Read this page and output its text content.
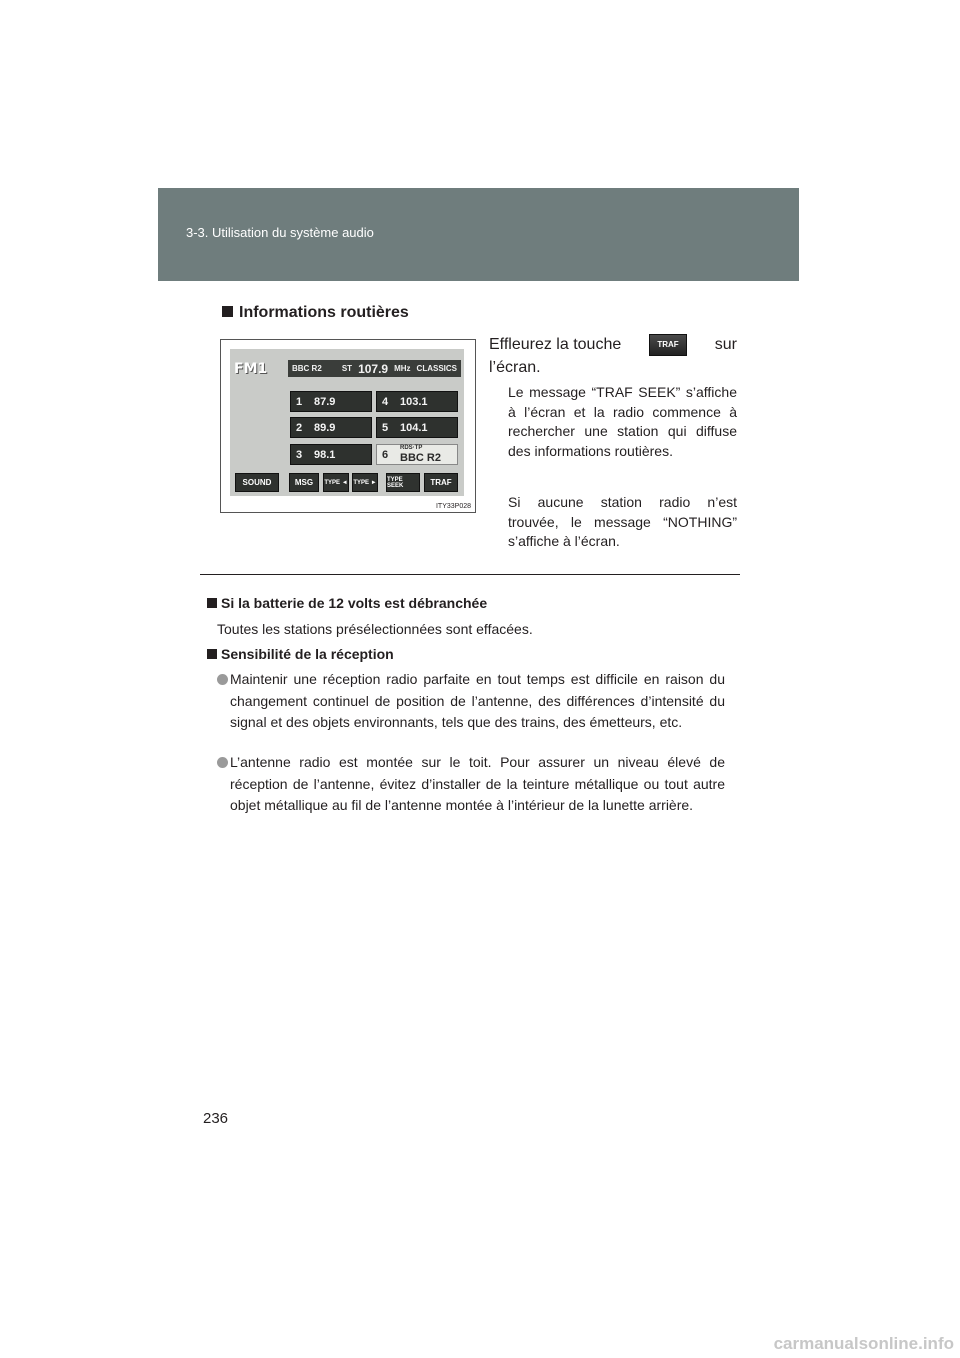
3-3. Utilisation du système audio
Informations routières
Effleurez la touche	TRAF	sur
l’écran.
Le message “TRAF SEEK” s’affiche à l’écran et la radio commence à rechercher une station qui diffuse des informations routières.
Si aucune station radio n’est trouvée, le message “NOTHING” s’affiche à l’écran.
FM1	BBC R2	ST 107.9 MHz CLASSICS
1	87.9
2	89.9
3	98.1
4	103.1
5	104.1
6
RDS·TP
BBC R2
SOUND	MSG	TYPE ◄ TYPE ► TYPE SEEK	TRAF
ITY33P028
Si la batterie de 12 volts est débranchée
Toutes les stations présélectionnées sont effacées.
Sensibilité de la réception
Maintenir une réception radio parfaite en tout temps est difficile en raison du changement continuel de position de l’antenne, des différences d’intensité du signal et des objets environnants, tels que des trains, des émetteurs, etc.
L’antenne radio est montée sur le toit. Pour assurer un niveau élevé de réception de l’antenne, évitez d’installer de la teinture métallique ou tout autre objet métallique au fil de l’antenne montée à l’intérieur de la lunette arrière.
236
carmanualsonline.info
